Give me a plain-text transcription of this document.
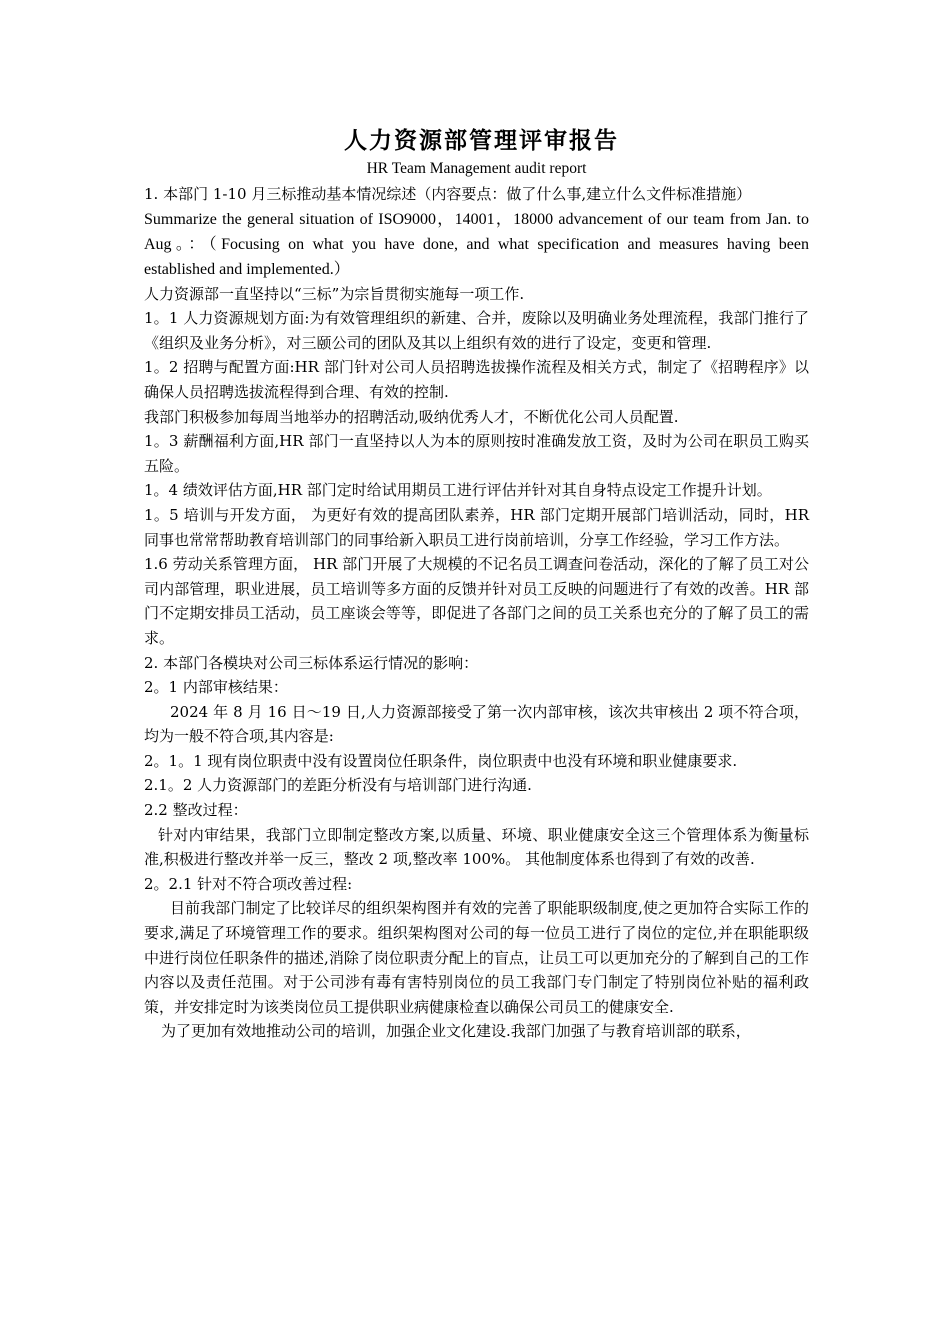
人力资源部管理评审报告
HR Team Management audit report

1. 本部门 1-10 月三标推动基本情况综述（内容要点：做了什么事,建立什么文件标准措施）

Summarize the general situation of ISO9000，14001，18000 advancement of our team from Jan. to Aug。：（Focusing on what you have done, and what specification and measures having been established and implemented.）

人力资源部一直坚持以“三标”为宗旨贯彻实施每一项工作.

1。1 人力资源规划方面:为有效管理组织的新建、合并，废除以及明确业务处理流程，我部门推行了《组织及业务分析》，对三颐公司的团队及其以上组织有效的进行了设定，变更和管理.

1。2 招聘与配置方面:HR 部门针对公司人员招聘选拔操作流程及相关方式，制定了《招聘程序》以确保人员招聘选拔流程得到合理、有效的控制.

我部门积极参加每周当地举办的招聘活动,吸纳优秀人才，不断优化公司人员配置.

1。3 薪酬福利方面,HR 部门一直坚持以人为本的原则按时准确发放工资，及时为公司在职员工购买五险。

1。4 绩效评估方面,HR 部门定时给试用期员工进行评估并针对其自身特点设定工作提升计划。

1。5 培训与开发方面， 为更好有效的提高团队素养，HR 部门定期开展部门培训活动，同时，HR 同事也常常帮助教育培训部门的同事给新入职员工进行岗前培训，分享工作经验，学习工作方法。

1.6 劳动关系管理方面， HR 部门开展了大规模的不记名员工调查问卷活动，深化的了解了员工对公司内部管理，职业进展，员工培训等多方面的反馈并针对员工反映的问题进行了有效的改善。HR 部门不定期安排员工活动，员工座谈会等等，即促进了各部门之间的员工关系也充分的了解了员工的需求。

2. 本部门各模块对公司三标体系运行情况的影响：

2。1 内部审核结果：

2024 年 8 月 16 日～19 日,人力资源部接受了第一次内部审核，该次共审核出 2 项不符合项，均为一般不符合项,其内容是:

2。1。1 现有岗位职责中没有设置岗位任职条件，岗位职责中也没有环境和职业健康要求.

2.1。2 人力资源部门的差距分析没有与培训部门进行沟通.

2.2 整改过程：

针对内审结果，我部门立即制定整改方案,以质量、环境、职业健康安全这三个管理体系为衡量标准,积极进行整改并举一反三，整改 2 项,整改率 100%。 其他制度体系也得到了有效的改善.

2。2.1 针对不符合项改善过程:

目前我部门制定了比较详尽的组织架构图并有效的完善了职能职级制度,使之更加符合实际工作的要求,满足了环境管理工作的要求。组织架构图对公司的每一位员工进行了岗位的定位,并在职能职级中进行岗位任职条件的描述,消除了岗位职责分配上的盲点，让员工可以更加充分的了解到自己的工作内容以及责任范围。对于公司涉有毒有害特别岗位的员工我部门专门制定了特别岗位补贴的福利政策，并安排定时为该类岗位员工提供职业病健康检查以确保公司员工的健康安全.

为了更加有效地推动公司的培训，加强企业文化建设.我部门加强了与教育培训部的联系，
